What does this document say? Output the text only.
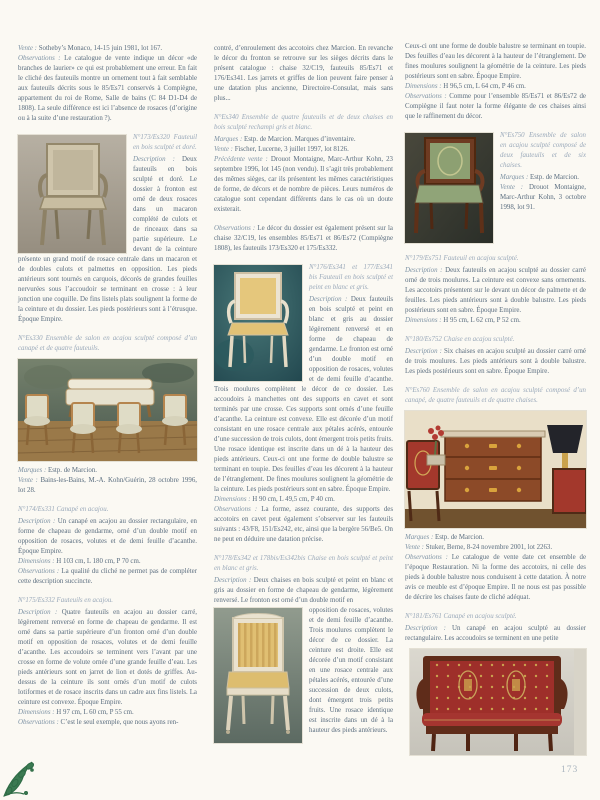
Vente : Sotheby’s Monaco, 14-15 juin 1981, lot 167.

Observations : Le catalogue de vente indique un décor «de branches de laurier» ce qui est probablement une erreur. En fait le cliché des fauteuils montre un ornement tout à fait semblable aux fauteuils décrits sous le 85/Es71 conservés à Compiègne, appartement du roi de Rome, Salle de bains (C 84 D1-D4 de 1808). La seule différence est ici l’absence de rosaces (d’origine ou à la suite d’une restauration ?).

N°173/Es320 Fauteuil en bois sculpté et doré.

Description : Deux fauteuils en bois sculpté et doré. Le dossier à fronton est orné de deux rosaces dans un macaron complété de culots et de rinceaux dans sa partie supérieure. Le devant de la ceinture présente un grand motif de rosace centrale dans un macaron et de doubles culots et palmettes en opposition. Les pieds antérieurs sont tournés en carquois, décorés de grandes feuilles nervurées sous l’accoudoir se terminant en crosse : à leur jonction une coquille. De fins listels plats soulignent la forme de la ceinture et du dossier. Les pieds postérieurs sont à l’étrusque. Époque Empire.

N°Es330 Ensemble de salon en acajou sculpté composé d’un canapé et de quatre fauteuils.

Marques : Estp. de Marcion.

Vente : Bains-les-Bains, M.-A. Kohn/Guérin, 28 octobre 1996, lot 28.

N°174/Es331 Canapé en acajou.

Description : Un canapé en acajou au dossier rectangulaire, en forme de chapeau de gendarme, orné d’un double motif en opposition de rosaces, volutes et de demi feuille d’acanthe. Époque Empire.

Dimensions : H 103 cm, L 180 cm, P 70 cm.

Observations : La qualité du cliché ne permet pas de compléter cette description succincte.

N°175/Es332 Fauteuils en acajou.

Description : Quatre fauteuils en acajou au dossier carré, légèrement renversé en forme de chapeau de gendarme. Il est orné dans sa partie supérieure d’un fronton orné d’un double motif en opposition de rosaces, volutes et de demi feuille d’acanthe. Les accoudoirs se terminent vers l’avant par une crosse en forme de volute ornée d’une grande feuille d’eau. Les pieds antérieurs sont en jarret de lion et dotés de griffes. Au-dessus de la ceinture ils sont ornés d’un motif de culots lotiformes et de rosace inscrits dans un cadre aux fins listels. La ceinture est convexe. Époque Empire.

Dimensions : H 97 cm, L 60 cm, P 55 cm.

Observations : C’est le seul exemple, que nous ayons ren-

contré, d’enroulement des accotoirs chez Marcion. En revanche le décor du fronton se retrouve sur les sièges décrits dans le présent catalogue : chaise 32/C19, fauteuils 85/Es71 et 176/Es341. Les jarrets et griffes de lion peuvent faire penser à une datation plus ancienne, Directoire-Consulat, mais sans plus...

N°Es340 Ensemble de quatre fauteuils et de deux chaises en bois sculpté rechampi gris et blanc.

Marques : Estp. de Marcion. Marques d’inventaire.

Vente : Fischer, Lucerne, 3 juillet 1997, lot 8126.

Précédente vente : Drouot Montaigne, Marc-Arthur Kohn, 23 septembre 1996, lot 145 (non vendu). Il s’agit très probablement des mêmes sièges, car ils présentent les mêmes caractéristiques de forme, de décors et de nombre de pièces. Leurs numéros de catalogue sont cependant différents dans le cas où un doute existerait.

Observations : Le décor du dossier est également présent sur la chaise 32/C19, les ensembles 85/Es71 et 86/Es72 (Compiègne 1808), les fauteuils 173/Es320 et 175/Es332.

N°176/Es341 et 177/Es341 bis Fauteuil en bois sculpté et peint en blanc et gris.

Description : Deux fauteuils en bois sculpté et peint en blanc et gris au dossier légèrement renversé et en forme de chapeau de gendarme. Le fronton est orné d’un double motif en opposition de rosaces, volutes et de demi feuille d’acanthe. Trois moulures complètent le décor de ce dossier. Les accoudoirs à manchettes ont des supports en cavet et sont terminés par une crosse. Ces supports sont ornés d’une feuille d’acanthe. La ceinture est convexe. Elle est décorée d’un motif consistant en une rosace centrale aux pétales acérés, entourée d’une succession de trois culots, dont émergent trois petits fruits. Une rosace identique est inscrite dans un dé à la hauteur des pieds antérieurs. Ceux-ci ont une forme de double balustre se terminant en toupie. Des feuilles d’eau les décorent à la hauteur de l’étranglement. De fines moulures soulignent la géométrie de la ceinture. Les pieds postérieurs sont en sabre. Époque Empire.

Dimensions : H 90 cm, L 49,5 cm, P 40 cm.

Observations : La forme, assez courante, des supports des accotoirs en cavet peut également s’observer sur les fauteuils suivants : 43/F8, 151/Es242, etc, ainsi que la bergère 56/Be5. On ne peut en déduire une datation précise.

N°178/Es342 et 178bis/Es342bis Chaise en bois sculpté et peint en blanc et gris.

Description : Deux chaises en bois sculpté et peint en blanc et gris au dossier en forme de chapeau de gendarme, légèrement renversé. Le fronton est orné d’un double motif en

opposition de rosaces, volutes et de demi feuille d’acanthe. Trois moulures complètent le décor de ce dossier. La ceinture est droite. Elle est décorée d’un motif consistant en une rosace centrale aux pétales acérés, entourée d’une succession de deux culots, dont émergent trois petits fruits. Une rosace identique est inscrite dans un dé à la hauteur des pieds antérieurs.

Ceux-ci ont une forme de double balustre se terminant en toupie. Des feuilles d’eau les décorent à la hauteur de l’étranglement. De fines moulures soulignent la géométrie de la ceinture. Les pieds postérieurs sont en sabre. Époque Empire.

Dimensions : H 96,5 cm, L 64 cm, P 46 cm.

Observations : Comme pour l’ensemble 85/Es71 et 86/Es72 de Compiègne il faut noter la forme élégante de ces chaises ainsi que le raffinement du décor.

N°Es750 Ensemble de salon en acajou sculpté composé de deux fauteuils et de six chaises.

Marques : Estp. de Marcion.

Vente : Drouot Montaigne, Marc-Arthur Kohn, 3 octobre 1998, lot 91.

N°179/Es751 Fauteuil en acajou sculpté.

Description : Deux fauteuils en acajou sculpté au dossier carré orné de trois moulures. La ceinture est convexe sans ornements. Les accotoirs présentent sur le devant un décor de palmette et de feuilles. Les pieds antérieurs sont à double balustre. Les pieds postérieurs sont en sabre. Époque Empire.

Dimensions : H 95 cm, L 62 cm, P 52 cm.

N°180/Es752 Chaise en acajou sculpté.

Description : Six chaises en acajou sculpté au dossier carré orné de trois moulures. Les pieds antérieurs sont à double balustre. Les pieds postérieurs sont en sabre. Époque Empire.

N°Es760 Ensemble de salon en acajou sculpté composé d’un canapé, de quatre fauteuils et de quatre chaises.

Marques : Estp. de Marcion.

Vente : Stuker, Berne, 8-24 novembre 2001, lot 2263.

Observations : Le catalogue de vente date cet ensemble de l’époque Restauration. Ni la forme des accotoirs, ni celle des pieds à double balustre nous conduisent à cette datation. À notre avis ce meuble est d’époque Empire. Il ne nous est pas possible de décrire les chaises faute de cliché adéquat.

N°181/Es761 Canapé en acajou sculpté.

Description : Un canapé en acajou sculpté au dossier rectangulaire. Les accoudoirs se terminent en une petite

173
